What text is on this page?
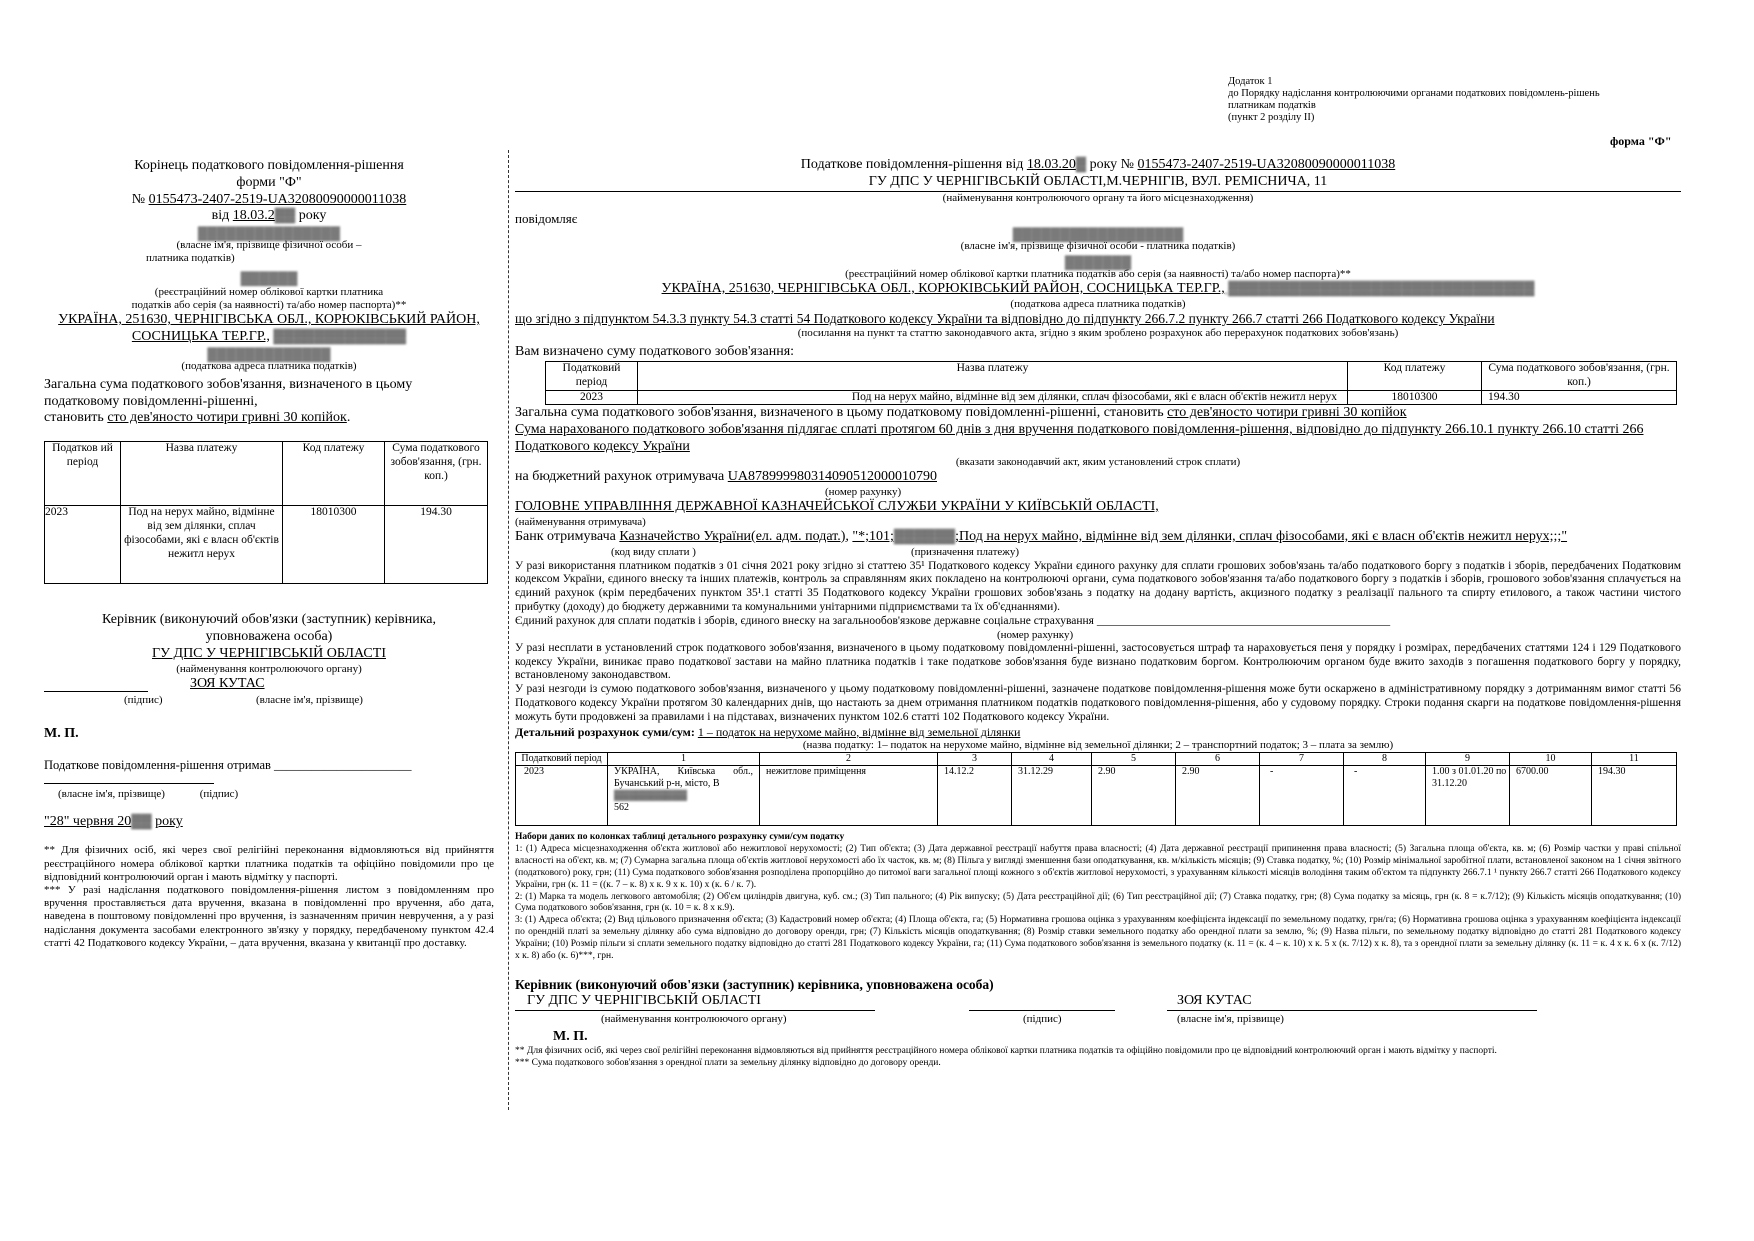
Додаток 1
до Порядку надіслання контролюючими органами податкових повідомлень-рішень
платникам податків
(пункт 2 розділу II)
форма "Ф"
Корінець податкового повідомлення-рішення
форми "Ф"
№ 0155473-2407-2519-UA32080090000011038
від 18.03.2▓▓ року
▓▓▓▓▓▓▓▓▓▓▓▓▓▓▓
(власне ім'я, прізвище фізичної особи –
платника податків)
▓▓▓▓▓▓
(реєстраційний номер облікової картки платника
податків або серія (за наявності) та/або номер паспорта)**
УКРАЇНА, 251630, ЧЕРНІГІВСЬКА ОБЛ., КОРЮКІВСЬКИЙ РАЙОН,
СОСНИЦЬКА ТЕР.ГР., ▓▓▓▓▓▓▓▓▓▓▓▓▓
▓▓▓▓▓▓▓▓▓▓▓▓▓
(податкова адреса платника податків)
Загальна сума податкового зобов'язання, визначеного в цьому
податковому повідомленні-рішенні,
становить сто дев'яносто чотири гривні 30 копійок.
Податков ий період	Назва платежу	Код платежу	Сума податкового зобов'язання, (грн. коп.)
2023	Под на нерух майно, відмінне від зем ділянки, сплач фізособами, які є власн об'єктів нежитл нерух	18010300	194.30
Керівник (виконуючий обов'язки (заступник) керівника,
уповноважена особа)
ГУ ДПС У ЧЕРНІГІВСЬКІЙ ОБЛАСТІ
(найменування контролюючого органу)
ЗОЯ КУТАС
(підпис)	(власне ім'я, прізвище)
М. П.
Податкове повідомлення-рішення отримав ______________________
(власне ім'я, прізвище)	(підпис)
"28" червня 20▓▓ року
** Для фізичних осіб, які через свої релігійні переконання відмовляються від прийняття реєстраційного номера облікової картки платника податків та офіційно повідомили про це відповідний контролюючий орган і мають відмітку у паспорті.
*** У разі надіслання податкового повідомлення-рішення листом з повідомленням про вручення проставляється дата вручення, вказана в повідомленні про вручення, або дата, наведена в поштовому повідомленні про вручення, із зазначенням причин невручення, а у разі надіслання документа засобами електронного зв'язку у порядку, передбаченому пунктом 42.4 статті 42 Податкового кодексу України, – дата вручення, вказана у квитанції про доставку.
Податкове повідомлення-рішення від 18.03.20▓ року № 0155473-2407-2519-UA32080090000011038
ГУ ДПС У ЧЕРНІГІВСЬКІЙ ОБЛАСТІ,М.ЧЕРНІГІВ, ВУЛ. РЕМІСНИЧА, 11
(найменування контролюючого органу та його місцезнаходження)
повідомляє
▓▓▓▓▓▓▓▓▓▓▓▓▓▓▓▓▓▓
(власне ім'я, прізвище фізичної особи - платника податків)
▓▓▓▓▓▓▓
(реєстраційний номер облікової картки платника податків або серія (за наявності) та/або номер паспорта)**
УКРАЇНА, 251630, ЧЕРНІГІВСЬКА ОБЛ., КОРЮКІВСЬКИЙ РАЙОН, СОСНИЦЬКА ТЕР.ГР., ▓▓▓▓▓▓▓▓▓▓▓▓▓▓▓▓▓▓▓▓▓▓▓▓▓▓▓▓▓▓
(податкова адреса платника податків)
що згідно з підпунктом 54.3.3 пункту 54.3 статті 54 Податкового кодексу України та відповідно до підпункту 266.7.2 пункту 266.7 статті 266 Податкового кодексу України
(посилання на пункт та статтю законодавчого акта, згідно з яким зроблено розрахунок або перерахунок податкових зобов'язань)
Вам визначено суму податкового зобов'язання:
Податковий період	Назва платежу	Код платежу	Сума податкового зобов'язання, (грн. коп.)
2023	Под на нерух майно, відмінне від зем ділянки, сплач фізособами, які є власн об'єктів нежитл нерух	18010300	194.30
Загальна сума податкового зобов'язання, визначеного в цьому податковому повідомленні-рішенні, становить сто дев'яносто чотири гривні 30 копійок
Сума нарахованого податкового зобов'язання підлягає сплаті протягом 60 днів з дня вручення податкового повідомлення-рішення, відповідно до підпункту 266.10.1 пункту 266.10 статті 266 Податкового кодексу України
(вказати законодавчий акт, яким установлений строк сплати)
на бюджетний рахунок отримувача UA878999980314090512000010790
(номер рахунку)
ГОЛОВНЕ УПРАВЛІННЯ ДЕРЖАВНОЇ КАЗНАЧЕЙСЬКОЇ СЛУЖБИ УКРАЇНИ У КИЇВСЬКІЙ ОБЛАСТІ,
(найменування отримувача)
Банк отримувача Казначейство України(ел. адм. подат.), "*;101;▓▓▓▓▓▓;Под на нерух майно, відмінне від зем ділянки, сплач фізособами, які є власн об'єктів нежитл нерух;;;"
(код виду сплати )	(призначення платежу)
У разі використання платником податків з 01 січня 2021 року згідно зі статтею 35¹ Податкового кодексу України єдиного рахунку для сплати грошових зобов'язань та/або податкового боргу з податків і зборів, передбачених Податковим кодексом України, єдиного внеску та інших платежів, контроль за справлянням яких покладено на контролюючі органи, сума податкового зобов'язання та/або податкового боргу з податків і зборів, грошового зобов'язання сплачується на єдиний рахунок (крім передбачених пунктом 35¹.1 статті 35 Податкового кодексу України грошових зобов'язань з податку на додану вартість, акцизного податку з реалізації пального та спирту етилового, а також частини чистого прибутку (доходу) до бюджету державними та комунальними унітарними підприємствами та їх об'єднаннями).
Єдиний рахунок для сплати податків і зборів, єдиного внеску на загальнообов'язкове державне соціальне страхування ___________________________________________________
(номер рахунку)
У разі несплати в установлений строк податкового зобов'язання, визначеного в цьому податковому повідомленні-рішенні, застосовується штраф та нараховується пеня у порядку і розмірах, передбачених статтями 124 і 129 Податкового кодексу України, виникає право податкової застави на майно платника податків і таке податкове зобов'язання буде визнано податковим боргом. Контролюючим органом буде вжито заходів з погашення податкового боргу у порядку, встановленому законодавством.
У разі незгоди із сумою податкового зобов'язання, визначеного у цьому податковому повідомленні-рішенні, зазначене податкове повідомлення-рішення може бути оскаржено в адміністративному порядку з дотриманням вимог статті 56 Податкового кодексу України протягом 30 календарних днів, що настають за днем отримання платником податків податкового повідомлення-рішення, або у судовому порядку. Строки подання скарги на податкове повідомлення-рішення можуть бути продовжені за правилами і на підставах, визначених пунктом 102.6 статті 102 Податкового кодексу України.
Детальний розрахунок суми/сум: 1 – податок на нерухоме майно, відмінне від земельної ділянки
(назва податку: 1– податок на нерухоме майно, відмінне від земельної ділянки; 2 – транспортний податок; 3 – плата за землю)
Податковий період	1	2	3	4	5	6	7	8	9	10	11
2023	УКРАЇНА, Київська обл., Бучанський р-н, місто, В
▓▓▓▓▓▓▓▓▓▓
562	нежитлове приміщення	14.12.2	31.12.29	2.90	2.90	-	-	1.00 з 01.01.20 по 31.12.20	6700.00	194.30
Набори даних по колонках таблиці детального розрахунку суми/сум податку
1: (1) Адреса місцезнаходження об'єкта житлової або нежитлової нерухомості; (2) Тип об'єкта; (3) Дата державної реєстрації набуття права власності; (4) Дата державної реєстрації припинення права власності; (5) Загальна площа об'єкта, кв. м; (6) Розмір частки у праві спільної власності на об'єкт, кв. м; (7) Сумарна загальна площа об'єктів житлової нерухомості або їх часток, кв. м; (8) Пільга у вигляді зменшення бази оподаткування, кв. м/кількість місяців; (9) Ставка податку, %; (10) Розмір мінімальної заробітної плати, встановленої законом на 1 січня звітного (податкового) року, грн; (11) Сума податкового зобов'язання розподілена пропорційно до питомої ваги загальної площі кожного з об'єктів житлової нерухомості, з урахуванням кількості місяців володіння таким об'єктом та підпункту 266.7.1 ¹ пункту 266.7 статті 266 Податкового кодексу України, грн (к. 11 = ((к. 7 – к. 8) х к. 9 х к. 10) х (к. 6 / к. 7).
2: (1) Марка та модель легкового автомобіля; (2) Об'єм циліндрів двигуна, куб. см.; (3) Тип пального; (4) Рік випуску; (5) Дата реєстраційної дії; (6) Тип реєстраційної дії; (7) Ставка податку, грн; (8) Сума податку за місяць, грн (к. 8 = к.7/12); (9) Кількість місяців оподаткування; (10) Сума податкового зобов'язання, грн (к. 10 = к. 8 х к.9).
3: (1) Адреса об'єкта; (2) Вид цільового призначення об'єкта; (3) Кадастровий номер об'єкта; (4) Площа об'єкта, га; (5) Нормативна грошова оцінка з урахуванням коефіцієнта індексації по земельному податку, грн/га; (6) Нормативна грошова оцінка з урахуванням коефіцієнта індексації по орендній платі за земельну ділянку або сума відповідно до договору оренди, грн; (7) Кількість місяців оподаткування; (8) Розмір ставки земельного податку або орендної плати за землю, %; (9) Назва пільги, по земельному податку відповідно до статті 281 Податкового кодексу України; (10) Розмір пільги зі сплати земельного податку відповідно до статті 281 Податкового кодексу України, га; (11) Сума податкового зобов'язання із земельного податку (к. 11 = (к. 4 – к. 10) х к. 5 х (к. 7/12) х к. 8), та з орендної плати за земельну ділянку (к. 11 = к. 4 х к. 6 х (к. 7/12) х к. 8) або (к. 6)***, грн.
Керівник (виконуючий обов'язки (заступник) керівника, уповноважена особа)
ГУ ДПС У ЧЕРНІГІВСЬКІЙ ОБЛАСТІ	ЗОЯ КУТАС
(найменування контролюючого органу)	(підпис)	(власне ім'я, прізвище)
М. П.
** Для фізичних осіб, які через свої релігійні переконання відмовляються від прийняття реєстраційного номера облікової картки платника податків та офіційно повідомили про це відповідний контролюючий орган і мають відмітку у паспорті.
*** Сума податкового зобов'язання з орендної плати за земельну ділянку відповідно до договору оренди.
